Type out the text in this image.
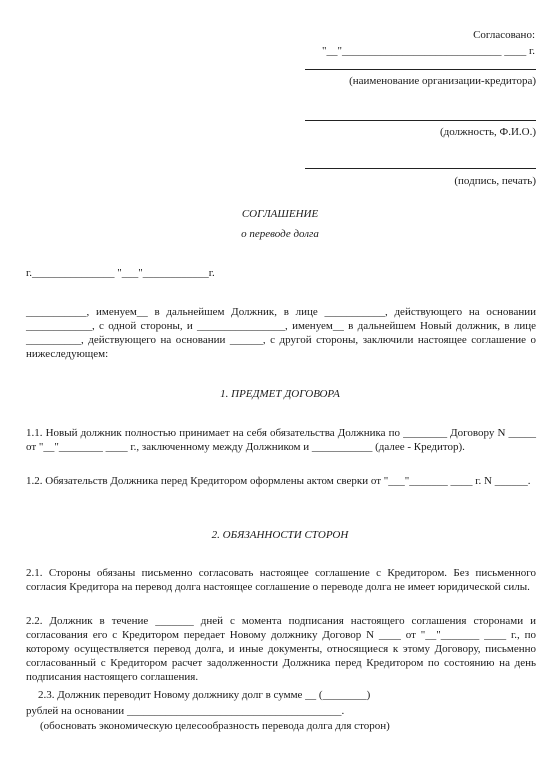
Согласовано:

"__"_____________________________ ____ г.

(наименование организации-кредитора)

(должность, Ф.И.О.)

(подпись, печать)

СОГЛАШЕНИЕ

о переводе долга

г._______________ "___"____________г.

___________, именуем__ в дальнейшем Должник, в лице ___________, действующего на основании ____________, с одной стороны, и ________________, именуем__ в дальнейшем Новый должник, в лице __________, действующего на основании ______, с другой стороны, заключили настоящее соглашение о нижеследующем:

1. ПРЕДМЕТ ДОГОВОРА

1.1. Новый должник полностью принимает на себя обязательства Должника по ________ Договору N _____ от "__"________ ____ г., заключенному между Должником и ___________ (далее - Кредитор).

1.2. Обязательств Должника перед Кредитором оформлены актом сверки от "___"_______ ____ г. N ______.

2. ОБЯЗАННОСТИ СТОРОН

2.1. Стороны обязаны письменно согласовать настоящее соглашение с Кредитором. Без письменного согласия Кредитора на перевод долга настоящее соглашение о переводе долга не имеет юридической силы.

2.2. Должник в течение _______ дней с момента подписания настоящего соглашения сторонами и согласования его с Кредитором передает Новому должнику Договор N ____ от "__"_______ ____ г., по которому осуществляется перевод долга, и иные документы, относящиеся к этому Договору, письменно согласованный с Кредитором расчет задолженности Должника перед Кредитором по состоянию на день подписания настоящего соглашения.

2.3. Должник переводит Новому должнику долг в сумме __ (________)

рублей на основании _______________________________________.

(обосновать экономическую целесообразность перевода долга для сторон)
